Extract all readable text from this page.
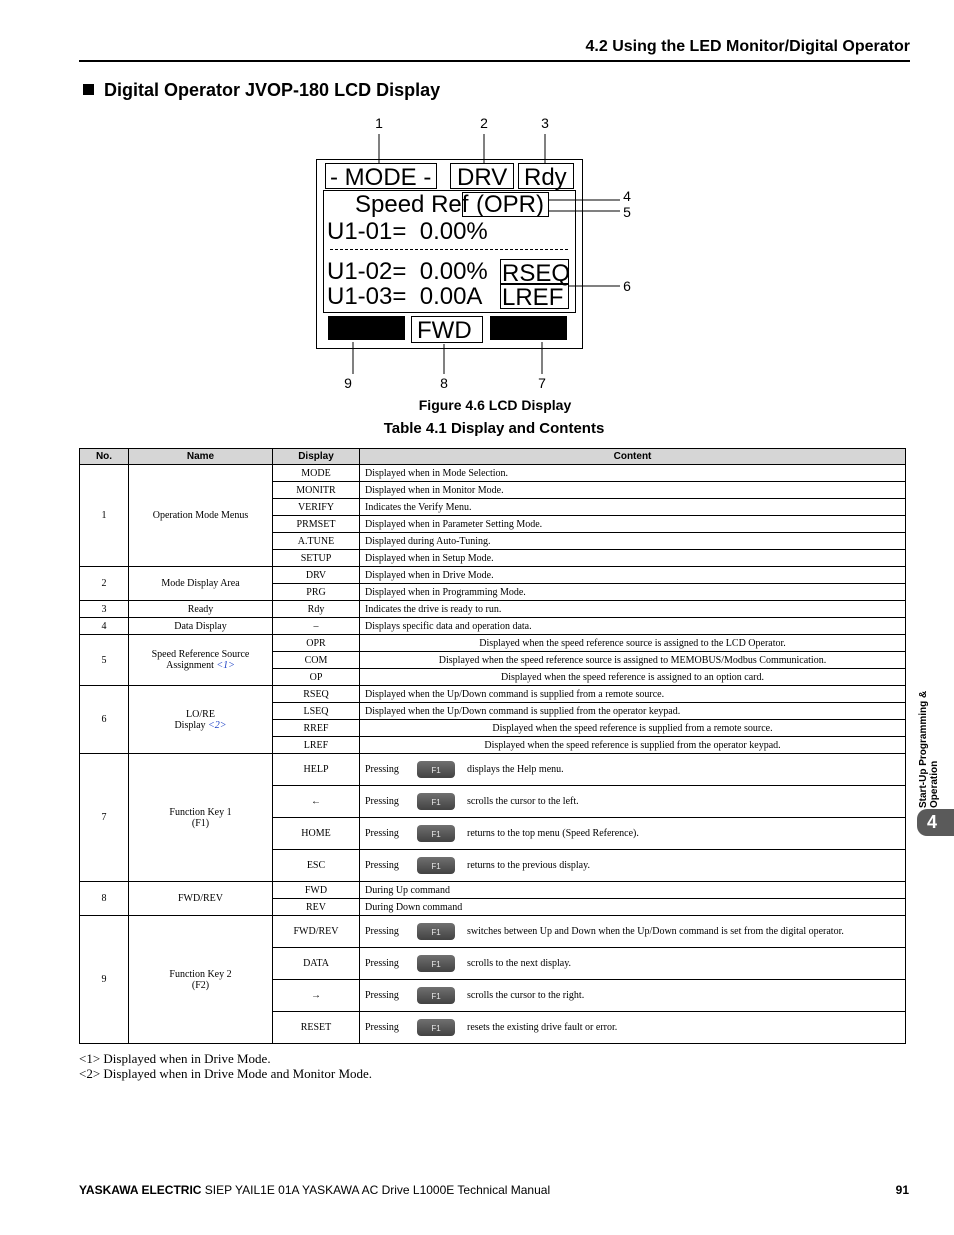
4.2 Using the LED Monitor/Digital Operator
Digital Operator JVOP-180 LCD Display
1	2	3
4
5
6
9	8	7
- MODE - DRV Rdy
Speed Ref (OPR)
U1-01=  0.00%
U1-02=  0.00%
U1-03=  0.00A
RSEQ
LREF
FWD
Figure 4.6 LCD Display
Table 4.1 Display and Contents
No.	Name	Display	Content
1	Operation Mode Menus	MODE	Displayed when in Mode Selection.
		MONITR	Displayed when in Monitor Mode.
		VERIFY	Indicates the Verify Menu.
		PRMSET	Displayed when in Parameter Setting Mode.
		A.TUNE	Displayed during Auto-Tuning.
		SETUP	Displayed when in Setup Mode.
2	Mode Display Area	DRV	Displayed when in Drive Mode.
		PRG	Displayed when in Programming Mode.
3	Ready	Rdy	Indicates the drive is ready to run.
4	Data Display	–	Displays specific data and operation data.
5	Speed Reference Source
Assignment <1>	OPR	Displayed when the speed reference source is assigned to the LCD Operator.
		COM	Displayed when the speed reference source is assigned to MEMOBUS/Modbus Communication.
		OP	Displayed when the speed reference is assigned to an option card.
6	LO/RE
Display <2>	RSEQ	Displayed when the Up/Down command is supplied from a remote source.
		LSEQ	Displayed when the Up/Down command is supplied from the operator keypad.
		RREF	Displayed when the speed reference is supplied from a remote source.
		LREF	Displayed when the speed reference is supplied from the operator keypad.
7	Function Key 1
(F1)	HELP	Pressing F1 displays the Help menu.
		←	Pressing F1 scrolls the cursor to the left.
		HOME	Pressing F1 returns to the top menu (Speed Reference).
		ESC	Pressing F1 returns to the previous display.
8	FWD/REV	FWD	During Up command
		REV	During Down command
9	Function Key 2
(F2)	FWD/REV	Pressing F1 switches between Up and Down when the Up/Down command is set from the digital operator.
		DATA	Pressing F1 scrolls to the next display.
		→	Pressing F1 scrolls the cursor to the right.
		RESET	Pressing F1 resets the existing drive fault or error.
<1> Displayed when in Drive Mode.
<2> Displayed when in Drive Mode and Monitor Mode.
Start-Up Programming & Operation
4
YASKAWA ELECTRIC SIEP YAIL1E 01A YASKAWA AC Drive L1000E Technical Manual	91
